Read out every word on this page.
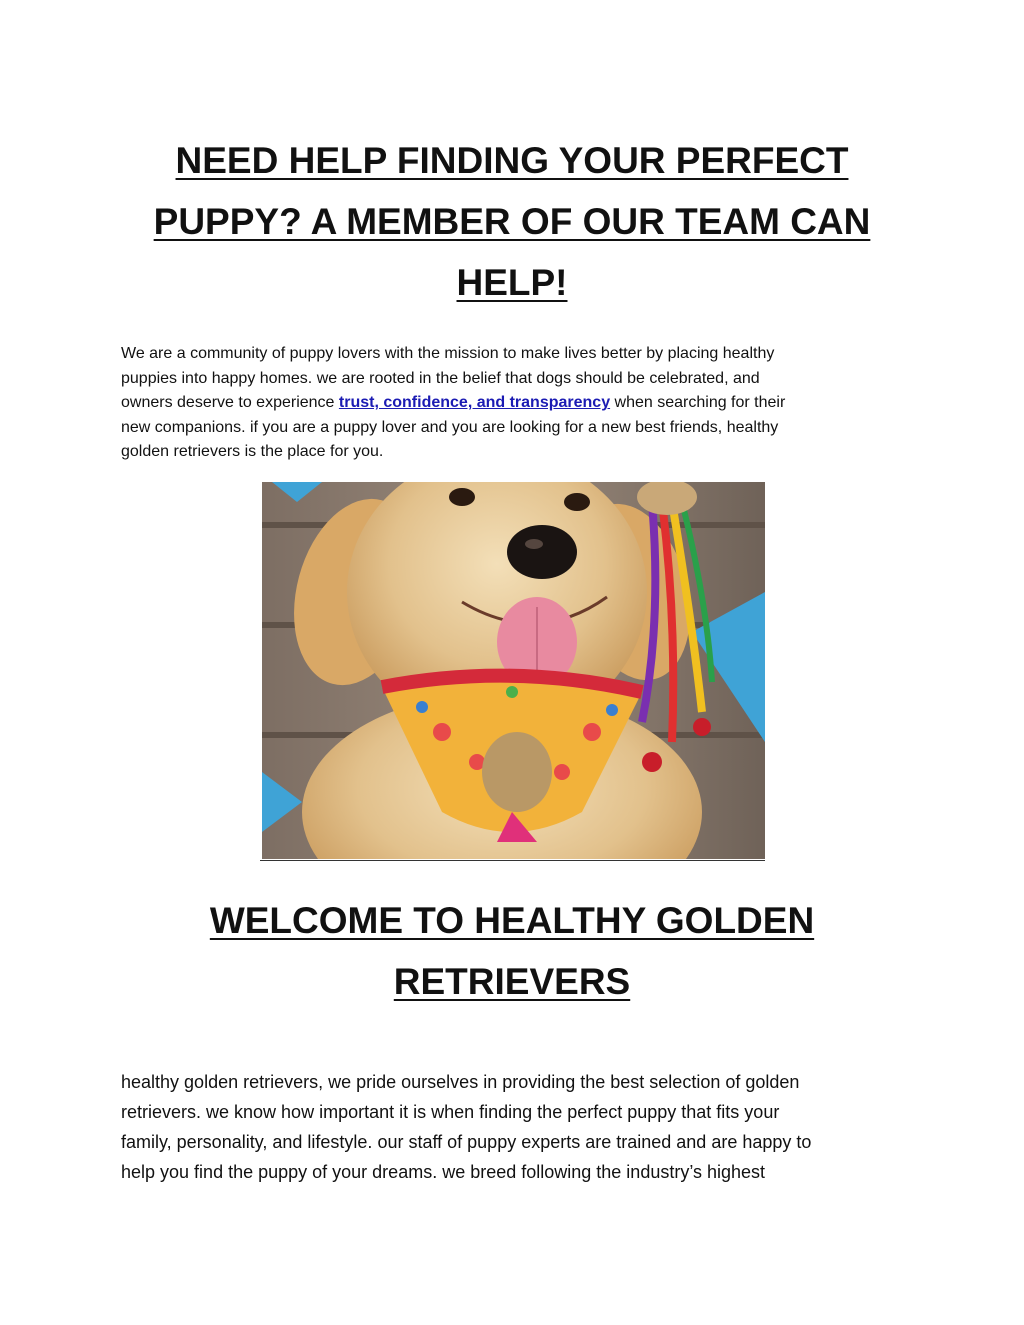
NEED HELP FINDING YOUR PERFECT
PUPPY? A MEMBER OF OUR TEAM CAN
HELP!

We are a community of puppy lovers with the mission to make lives better by placing healthy
puppies into happy homes. we are rooted in the belief that dogs should be celebrated, and
owners deserve to experience trust, confidence, and transparency when searching for their
new companions. if you are a puppy lover and you are looking for a new best friends, healthy
golden retrievers is the place for you.

WELCOME TO HEALTHY GOLDEN
RETRIEVERS

healthy golden retrievers, we pride ourselves in providing the best selection of golden
retrievers. we know how important it is when finding the perfect puppy that fits your
family, personality, and lifestyle. our staff of puppy experts are trained and are happy to
help you find the puppy of your dreams. we breed following the industry’s highest
